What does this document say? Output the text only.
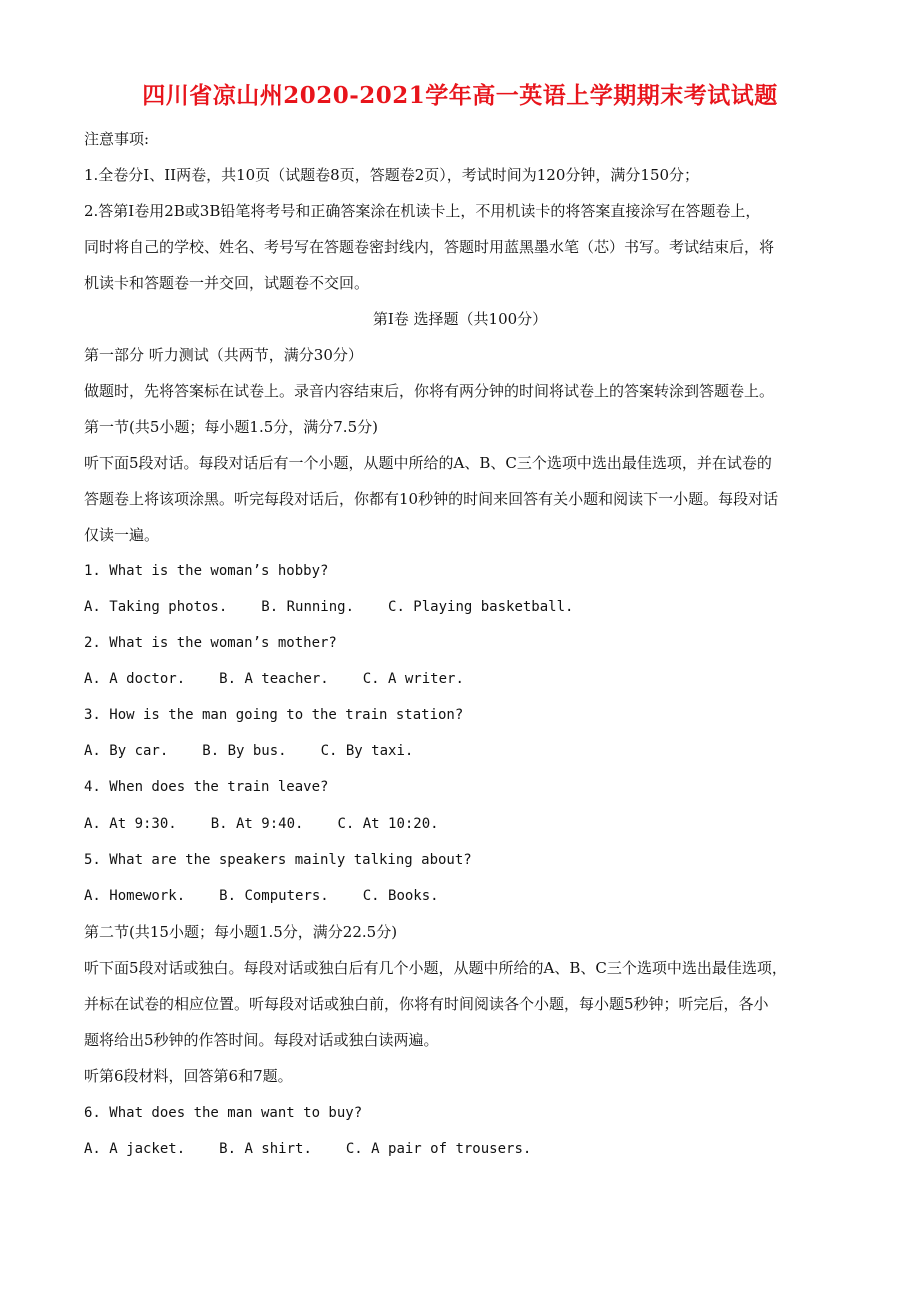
四川省凉山州2020-2021学年高一英语上学期期末考试试题
注意事项:
1.全卷分I、II两卷，共10页（试题卷8页，答题卷2页），考试时间为120分钟，满分150分；
2.答第I卷用2B或3B铅笔将考号和正确答案涂在机读卡上，不用机读卡的将答案直接涂写在答题卷上，
同时将自己的学校、姓名、考号写在答题卷密封线内，答题时用蓝黑墨水笔（芯）书写。考试结束后，将
机读卡和答题卷一并交回，试题卷不交回。
第I卷 选择题（共100分）
第一部分 听力测试（共两节，满分30分）
做题时，先将答案标在试卷上。录音内容结束后，你将有两分钟的时间将试卷上的答案转涂到答题卷上。
第一节(共5小题；每小题1.5分，满分7.5分)
听下面5段对话。每段对话后有一个小题，从题中所给的A、B、C三个选项中选出最佳选项，并在试卷的
答题卷上将该项涂黑。听完每段对话后，你都有10秒钟的时间来回答有关小题和阅读下一小题。每段对话
仅读一遍。
1. What is the woman’s hobby?
A. Taking photos. B. Running. C. Playing basketball.
2. What is the woman’s mother?
A. A doctor. B. A teacher. C. A writer.
3. How is the man going to the train station?
A. By car. B. By bus. C. By taxi.
4. When does the train leave?
A. At 9:30. B. At 9:40. C. At 10:20.
5. What are the speakers mainly talking about?
A. Homework. B. Computers. C. Books.
第二节(共15小题；每小题1.5分，满分22.5分)
听下面5段对话或独白。每段对话或独白后有几个小题，从题中所给的A、B、C三个选项中选出最佳选项，
并标在试卷的相应位置。听每段对话或独白前，你将有时间阅读各个小题，每小题5秒钟；听完后，各小
题将给出5秒钟的作答时间。每段对话或独白读两遍。
听第6段材料，回答第6和7题。
6. What does the man want to buy?
A. A jacket. B. A shirt. C. A pair of trousers.
